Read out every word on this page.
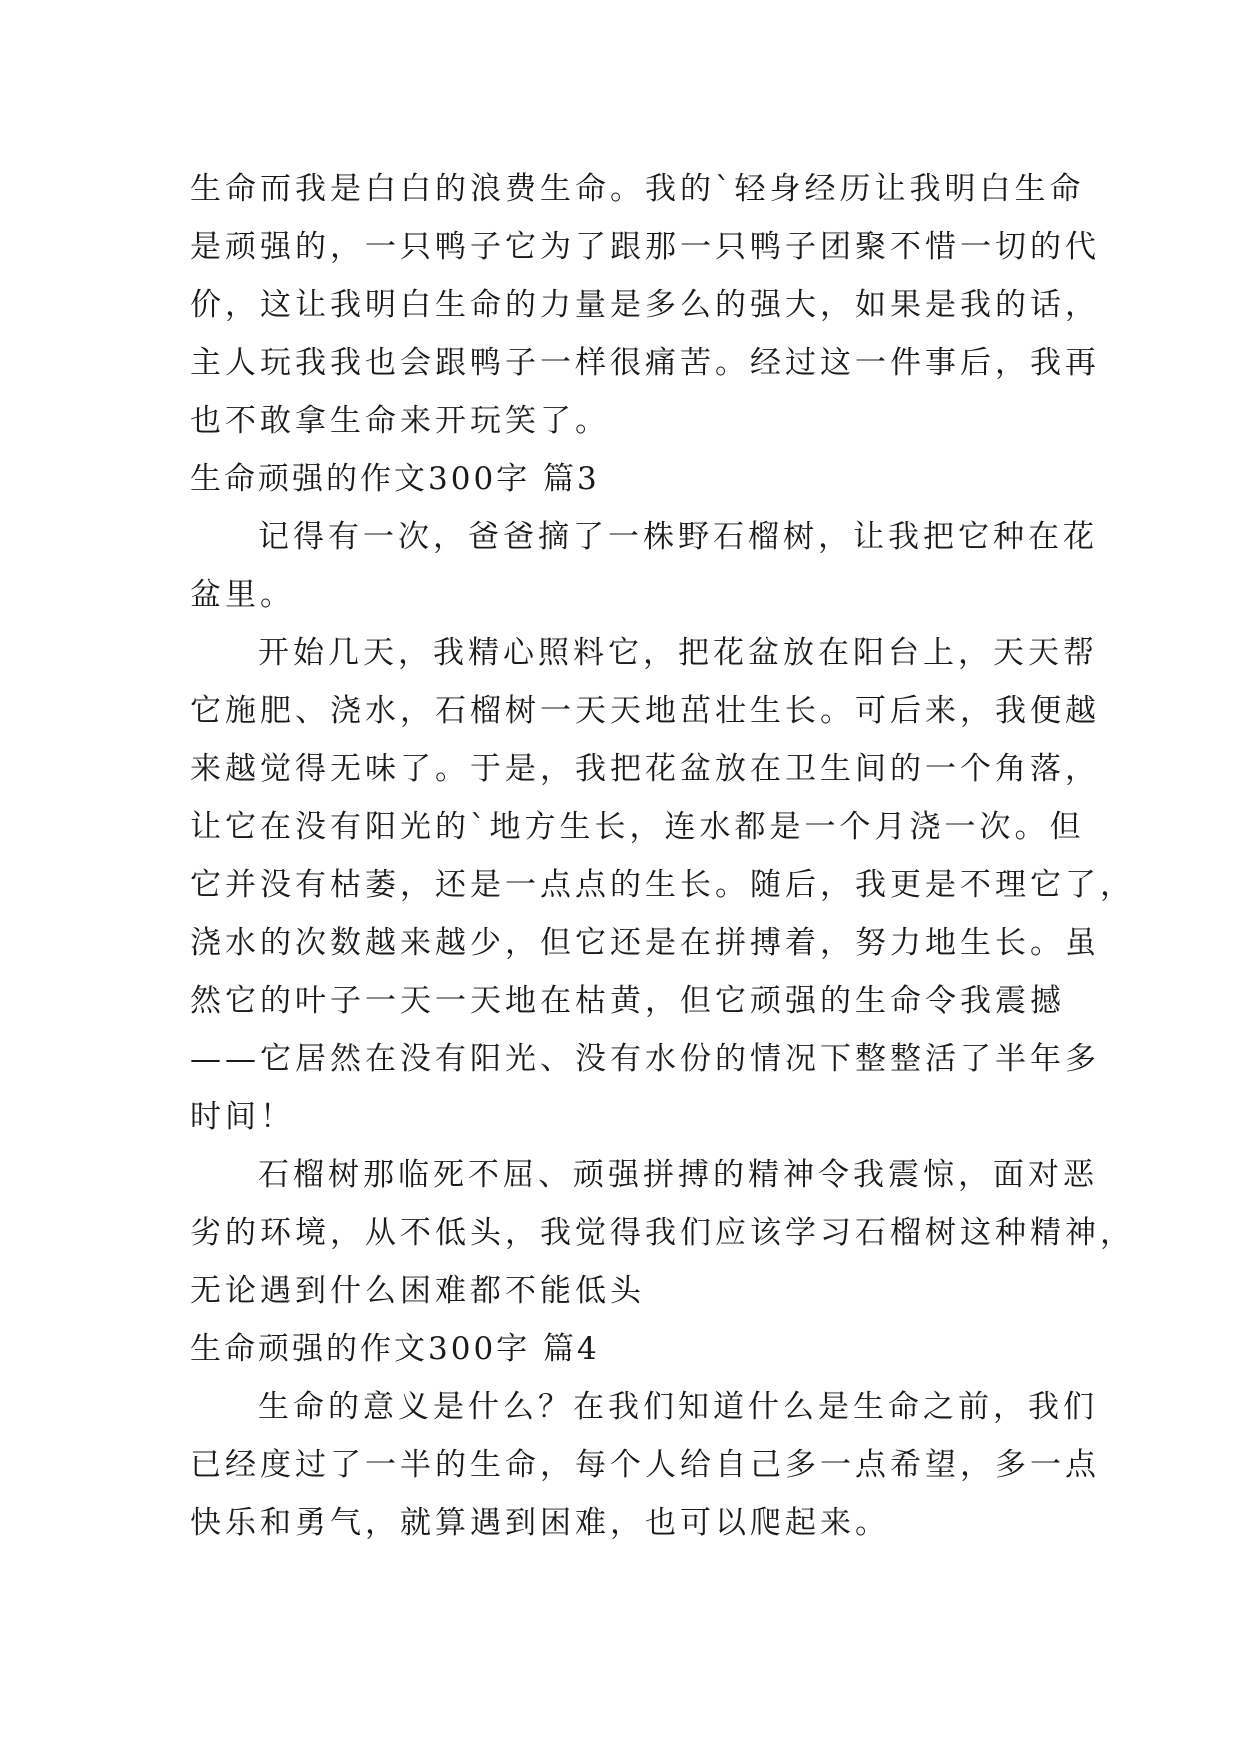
生命而我是白白的浪费生命。我的`轻身经历让我明白生命
是顽强的，一只鸭子它为了跟那一只鸭子团聚不惜一切的代
价，这让我明白生命的力量是多么的强大，如果是我的话，
主人玩我我也会跟鸭子一样很痛苦。经过这一件事后，我再
也不敢拿生命来开玩笑了。
生命顽强的作文300字 篇3
记得有一次，爸爸摘了一株野石榴树，让我把它种在花
盆里。
开始几天，我精心照料它，把花盆放在阳台上，天天帮
它施肥、浇水，石榴树一天天地茁壮生长。可后来，我便越
来越觉得无味了。于是，我把花盆放在卫生间的一个角落，
让它在没有阳光的`地方生长，连水都是一个月浇一次。但
它并没有枯萎，还是一点点的生长。随后，我更是不理它了，
浇水的次数越来越少，但它还是在拼搏着，努力地生长。虽
然它的叶子一天一天地在枯黄，但它顽强的生命令我震撼
——它居然在没有阳光、没有水份的情况下整整活了半年多
时间！
石榴树那临死不屈、顽强拼搏的精神令我震惊，面对恶
劣的环境，从不低头，我觉得我们应该学习石榴树这种精神，
无论遇到什么困难都不能低头
生命顽强的作文300字 篇4
生命的意义是什么？在我们知道什么是生命之前，我们
已经度过了一半的生命，每个人给自己多一点希望，多一点
快乐和勇气，就算遇到困难，也可以爬起来。
